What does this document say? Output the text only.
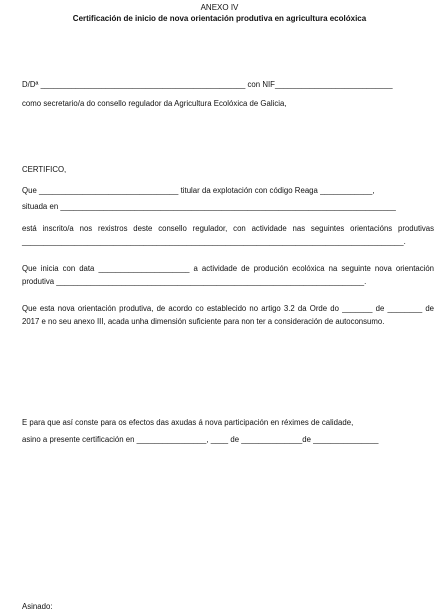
ANEXO IV
Certificación de inicio de nova orientación produtiva en agricultura ecolóxica
D/Dª _______________________________________________ con NIF___________________________
como secretario/a do consello regulador da Agricultura Ecolóxica de Galicia,
CERTIFICO,
Que ________________________________ titular da explotación con código Reaga ____________,
situada en _____________________________________________________________________________
está inscrito/a nos rexistros deste consello regulador, con actividade nas seguintes orientacións produtivas ________________________________________________________________________________________.
Que inicia con data _____________________ a actividade de produción ecolóxica na seguinte nova orientación produtiva _______________________________________________________________________.
Que esta nova orientación produtiva, de acordo co establecido no artigo 3.2 da Orde do _______ de ________ de 2017 e no seu anexo III, acada unha dimensión suficiente para non ter a consideración de autoconsumo.
E para que así conste para os efectos das axudas á nova participación en réximes de calidade,
asino a presente certificación en ________________, ____ de ______________de _______________
Asinado:
